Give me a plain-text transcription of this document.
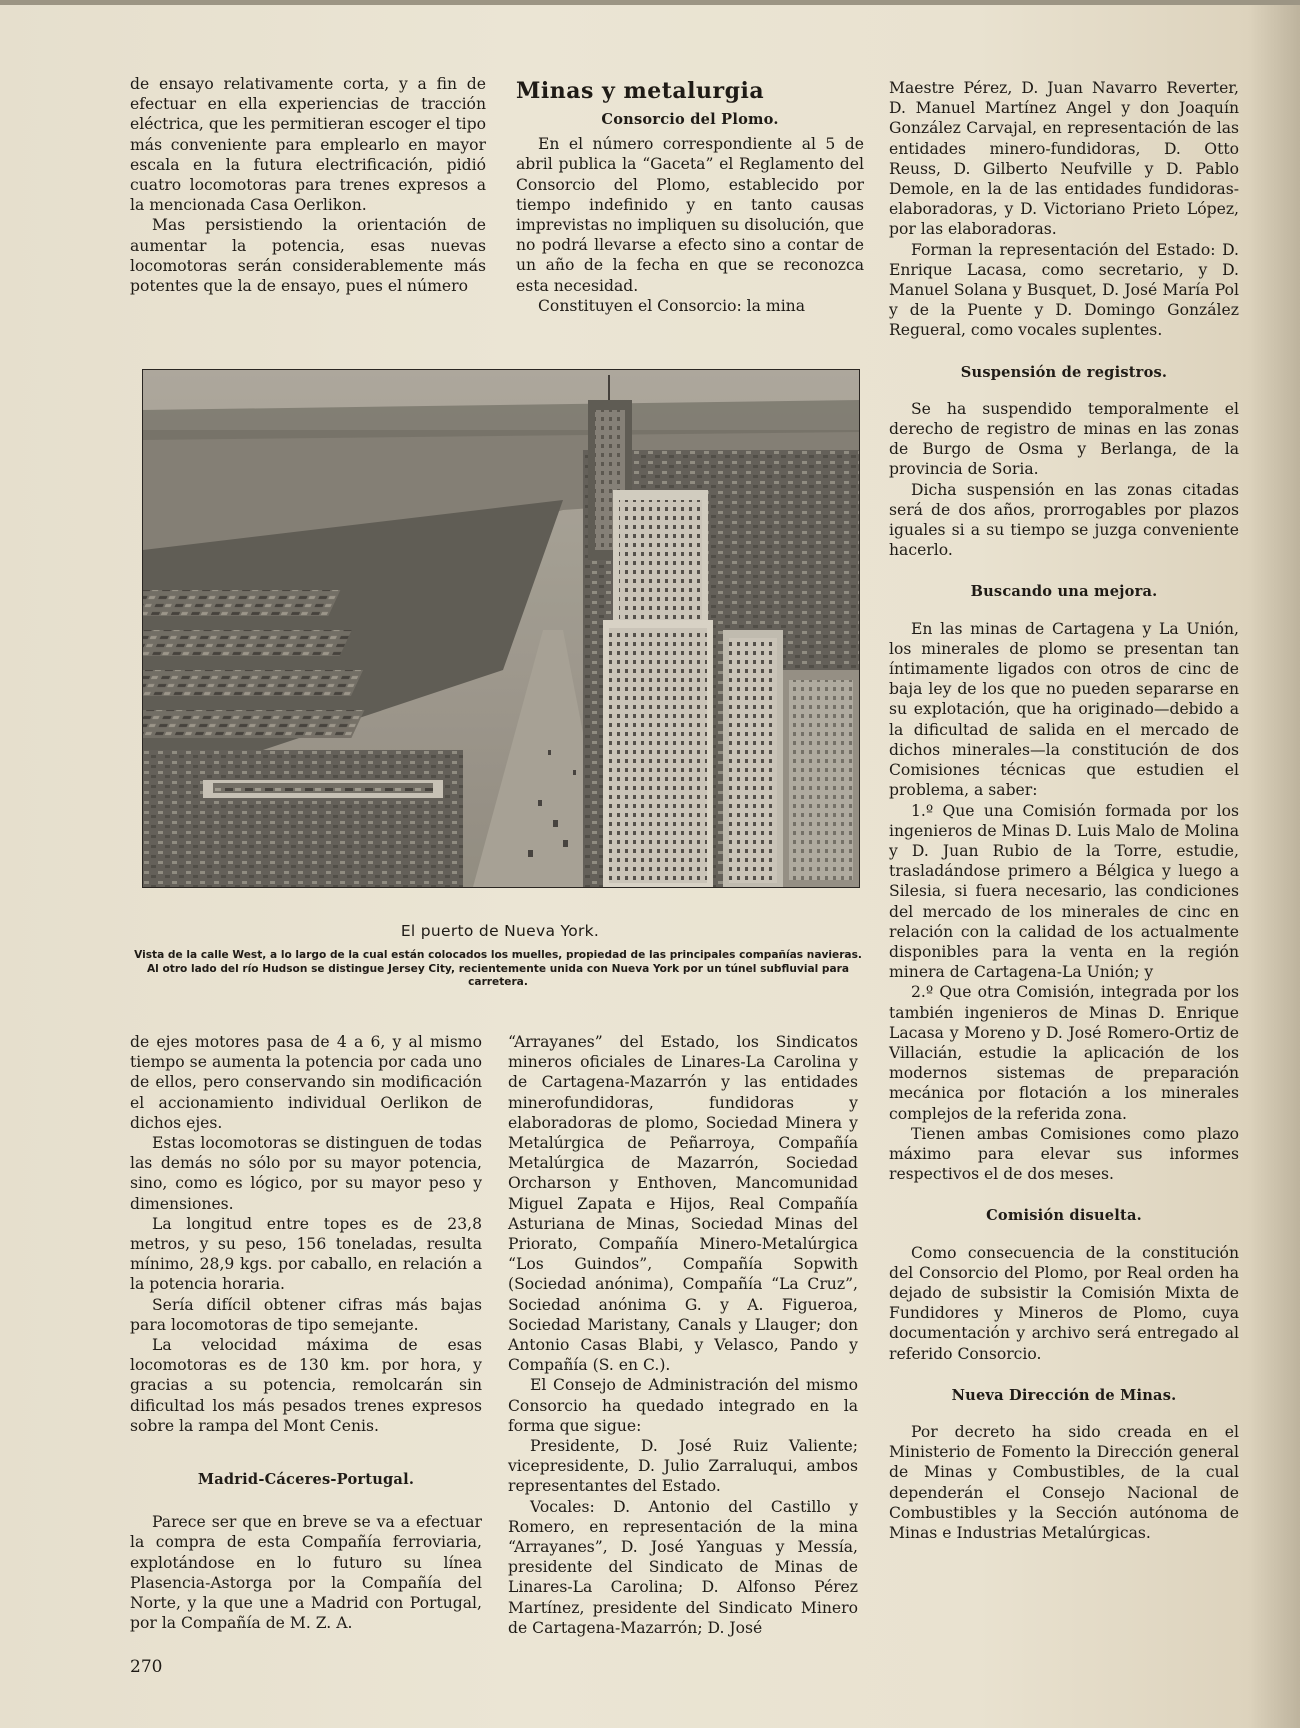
de ensayo relativamente corta, y a fin de efectuar en ella experiencias de tracción eléctrica, que les permitieran escoger el tipo más conveniente para emplearlo en mayor escala en la futura electrificación, pidió cuatro locomotoras para trenes expresos a la mencionada Casa Oerlikon.

Mas persistiendo la orientación de aumentar la potencia, esas nuevas locomotoras serán considerablemente más potentes que la de ensayo, pues el número

Minas y metalurgia
Consorcio del Plomo.

En el número correspondiente al 5 de abril publica la “Gaceta” el Reglamento del Consorcio del Plomo, establecido por tiempo indefinido y en tanto causas imprevistas no impliquen su disolución, que no podrá llevarse a efecto sino a contar de un año de la fecha en que se reconozca esta necesidad.

Constituyen el Consorcio: la mina

El puerto de Nueva York.
Vista de la calle West, a lo largo de la cual están colocados los muelles, propiedad de las principales compañías navieras. Al otro lado del río Hudson se distingue Jersey City, recientemente unida con Nueva York por un túnel subfluvial para carretera.

de ejes motores pasa de 4 a 6, y al mismo tiempo se aumenta la potencia por cada uno de ellos, pero conservando sin modificación el accionamiento individual Oerlikon de dichos ejes.

Estas locomotoras se distinguen de todas las demás no sólo por su mayor potencia, sino, como es lógico, por su mayor peso y dimensiones.

La longitud entre topes es de 23,8 metros, y su peso, 156 toneladas, resulta mínimo, 28,9 kgs. por caballo, en relación a la potencia horaria.

Sería difícil obtener cifras más bajas para locomotoras de tipo semejante.

La velocidad máxima de esas locomotoras es de 130 km. por hora, y gracias a su potencia, remolcarán sin dificultad los más pesados trenes expresos sobre la rampa del Mont Cenis.

Madrid-Cáceres-Portugal.

Parece ser que en breve se va a efectuar la compra de esta Compañía ferroviaria, explotándose en lo futuro su línea Plasencia-Astorga por la Compañía del Norte, y la que une a Madrid con Portugal, por la Compañía de M. Z. A.

“Arrayanes” del Estado, los Sindicatos mineros oficiales de Linares-La Carolina y de Cartagena-Mazarrón y las entidades minerofundidoras, fundidoras y elaboradoras de plomo, Sociedad Minera y Metalúrgica de Peñarroya, Compañía Metalúrgica de Mazarrón, Sociedad Orcharson y Enthoven, Mancomunidad Miguel Zapata e Hijos, Real Compañía Asturiana de Minas, Sociedad Minas del Priorato, Compañía Minero-Metalúrgica “Los Guindos”, Compañía Sopwith (Sociedad anónima), Compañía “La Cruz”, Sociedad anónima G. y A. Figueroa, Sociedad Maristany, Canals y Llauger; don Antonio Casas Blabi, y Velasco, Pando y Compañía (S. en C.).

El Consejo de Administración del mismo Consorcio ha quedado integrado en la forma que sigue:

Presidente, D. José Ruiz Valiente; vicepresidente, D. Julio Zarraluqui, ambos representantes del Estado.

Vocales: D. Antonio del Castillo y Romero, en representación de la mina “Arrayanes”, D. José Yanguas y Messía, presidente del Sindicato de Minas de Linares-La Carolina; D. Alfonso Pérez Martínez, presidente del Sindicato Minero de Cartagena-Mazarrón; D. José

Maestre Pérez, D. Juan Navarro Reverter, D. Manuel Martínez Angel y don Joaquín González Carvajal, en representación de las entidades minero-fundidoras, D. Otto Reuss, D. Gilberto Neufville y D. Pablo Demole, en la de las entidades fundidoras-elaboradoras, y D. Victoriano Prieto López, por las elaboradoras.

Forman la representación del Estado: D. Enrique Lacasa, como secretario, y D. Manuel Solana y Busquet, D. José María Pol y de la Puente y D. Domingo González Regueral, como vocales suplentes.

Suspensión de registros.

Se ha suspendido temporalmente el derecho de registro de minas en las zonas de Burgo de Osma y Berlanga, de la provincia de Soria.

Dicha suspensión en las zonas citadas será de dos años, prorrogables por plazos iguales si a su tiempo se juzga conveniente hacerlo.

Buscando una mejora.

En las minas de Cartagena y La Unión, los minerales de plomo se presentan tan íntimamente ligados con otros de cinc de baja ley de los que no pueden separarse en su explotación, que ha originado—debido a la dificultad de salida en el mercado de dichos minerales—la constitución de dos Comisiones técnicas que estudien el problema, a saber:

1.º Que una Comisión formada por los ingenieros de Minas D. Luis Malo de Molina y D. Juan Rubio de la Torre, estudie, trasladándose primero a Bélgica y luego a Silesia, si fuera necesario, las condiciones del mercado de los minerales de cinc en relación con la calidad de los actualmente disponibles para la venta en la región minera de Cartagena-La Unión; y

2.º Que otra Comisión, integrada por los también ingenieros de Minas D. Enrique Lacasa y Moreno y D. José Romero-Ortiz de Villacián, estudie la aplicación de los modernos sistemas de preparación mecánica por flotación a los minerales complejos de la referida zona.

Tienen ambas Comisiones como plazo máximo para elevar sus informes respectivos el de dos meses.

Comisión disuelta.

Como consecuencia de la constitución del Consorcio del Plomo, por Real orden ha dejado de subsistir la Comisión Mixta de Fundidores y Mineros de Plomo, cuya documentación y archivo será entregado al referido Consorcio.

Nueva Dirección de Minas.

Por decreto ha sido creada en el Ministerio de Fomento la Dirección general de Minas y Combustibles, de la cual dependerán el Consejo Nacional de Combustibles y la Sección autónoma de Minas e Industrias Metalúrgicas.

270
